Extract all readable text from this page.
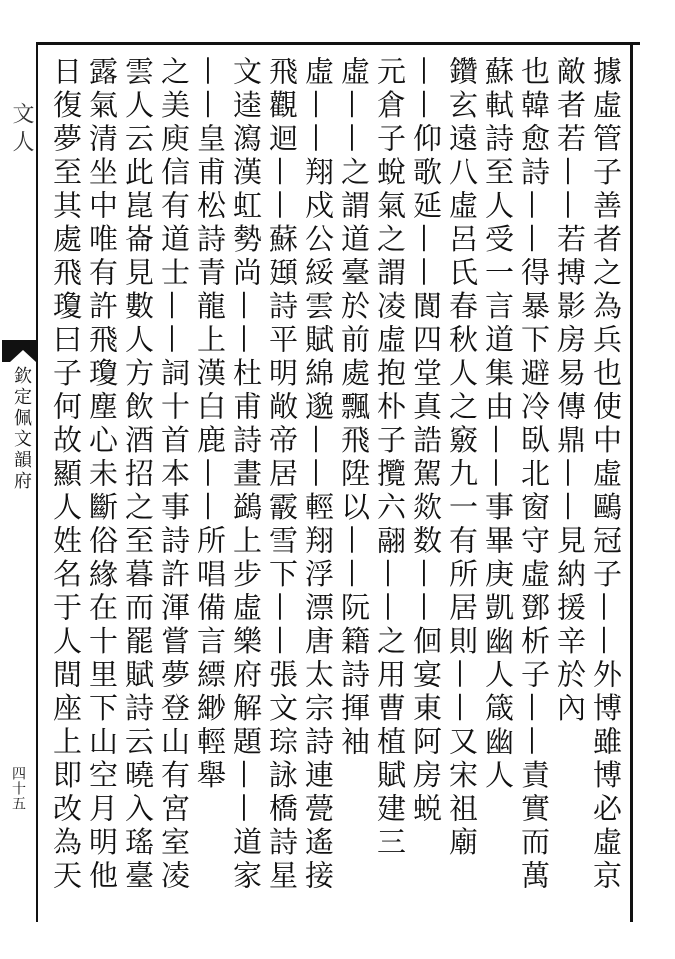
文人
欽定佩文韻府
四十五	據虛管子善者之為兵也使中虛鷗冠子——外博雖博必虛京
敵者若——若搏影房易傳鼎——見納援辛於內
也韓愈詩——得暴下避冷臥北窗守虛鄧析子——責實而萬
蘇軾詩至人受一言道集由——事畢庚凱幽人箴幽人
鑽玄遠八虛呂氏春秋人之竅九一有所居則——又宋祖廟
——仰歌延——閬四堂真誥駕欻数——佪宴東阿房蜕
元倉子蛻氣之謂凌虛抱朴子攬六翮——之用曹植賦建三
虛——之謂道臺於前處飄飛陞以——阮籍詩揮袖
虛——翔戍公綏雲賦綿邈——輕翔浮漂唐太宗詩連甍遙接
飛觀迴——蘇頲詩平明敞帝居霰雪下——張文琮詠橋詩星
文逵瀉漢虹勢尚——杜甫詩畫鷁上步虛樂府解題——道家
——皇甫松詩青龍上漢白鹿——所唱備言縹緲輕舉
之美庾信有道士——詞十首本事詩許渾嘗夢登山有宮室凌
雲人云此崑崙見數人方飲酒招之至暮而罷賦詩云曉入瑤臺
露氣清坐中唯有許飛瓊塵心未斷俗緣在十里下山空月明他
日復夢至其處飛瓊曰子何故顯人姓名于人間座上即改為天
